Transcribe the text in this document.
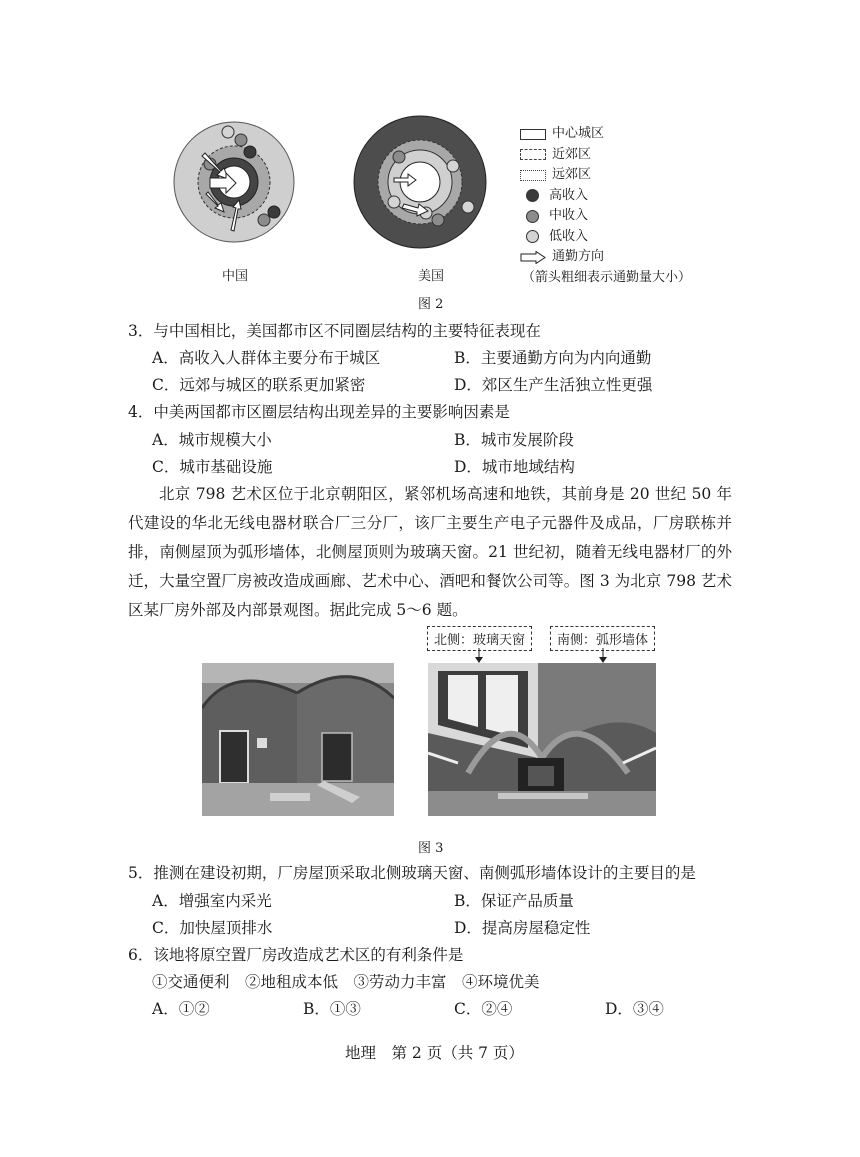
中国	美国
中心城区
近郊区
远郊区
高收入
中收入
低收入
通勤方向
（箭头粗细表示通勤量大小）
图 2
3．与中国相比，美国都市区不同圈层结构的主要特征表现在
A．高收入人群体主要分布于城区	B．主要通勤方向为内向通勤
C．远郊与城区的联系更加紧密	D．郊区生产生活独立性更强
4．中美两国都市区圈层结构出现差异的主要影响因素是
A．城市规模大小	B．城市发展阶段
C．城市基础设施	D．城市地域结构
北京 798 艺术区位于北京朝阳区，紧邻机场高速和地铁，其前身是 20 世纪 50 年代建设的华北无线电器材联合厂三分厂，该厂主要生产电子元器件及成品，厂房联栋并排，南侧屋顶为弧形墙体，北侧屋顶则为玻璃天窗。21 世纪初，随着无线电器材厂的外迁，大量空置厂房被改造成画廊、艺术中心、酒吧和餐饮公司等。图 3 为北京 798 艺术区某厂房外部及内部景观图。据此完成 5～6 题。
北侧：玻璃天窗	南侧：弧形墙体
图 3
5．推测在建设初期，厂房屋顶采取北侧玻璃天窗、南侧弧形墙体设计的主要目的是
A．增强室内采光	B．保证产品质量
C．加快屋顶排水	D．提高房屋稳定性
6．该地将原空置厂房改造成艺术区的有利条件是
①交通便利　②地租成本低　③劳动力丰富　④环境优美
A．①②	B．①③	C．②④	D．③④
地理　第 2 页（共 7 页）
